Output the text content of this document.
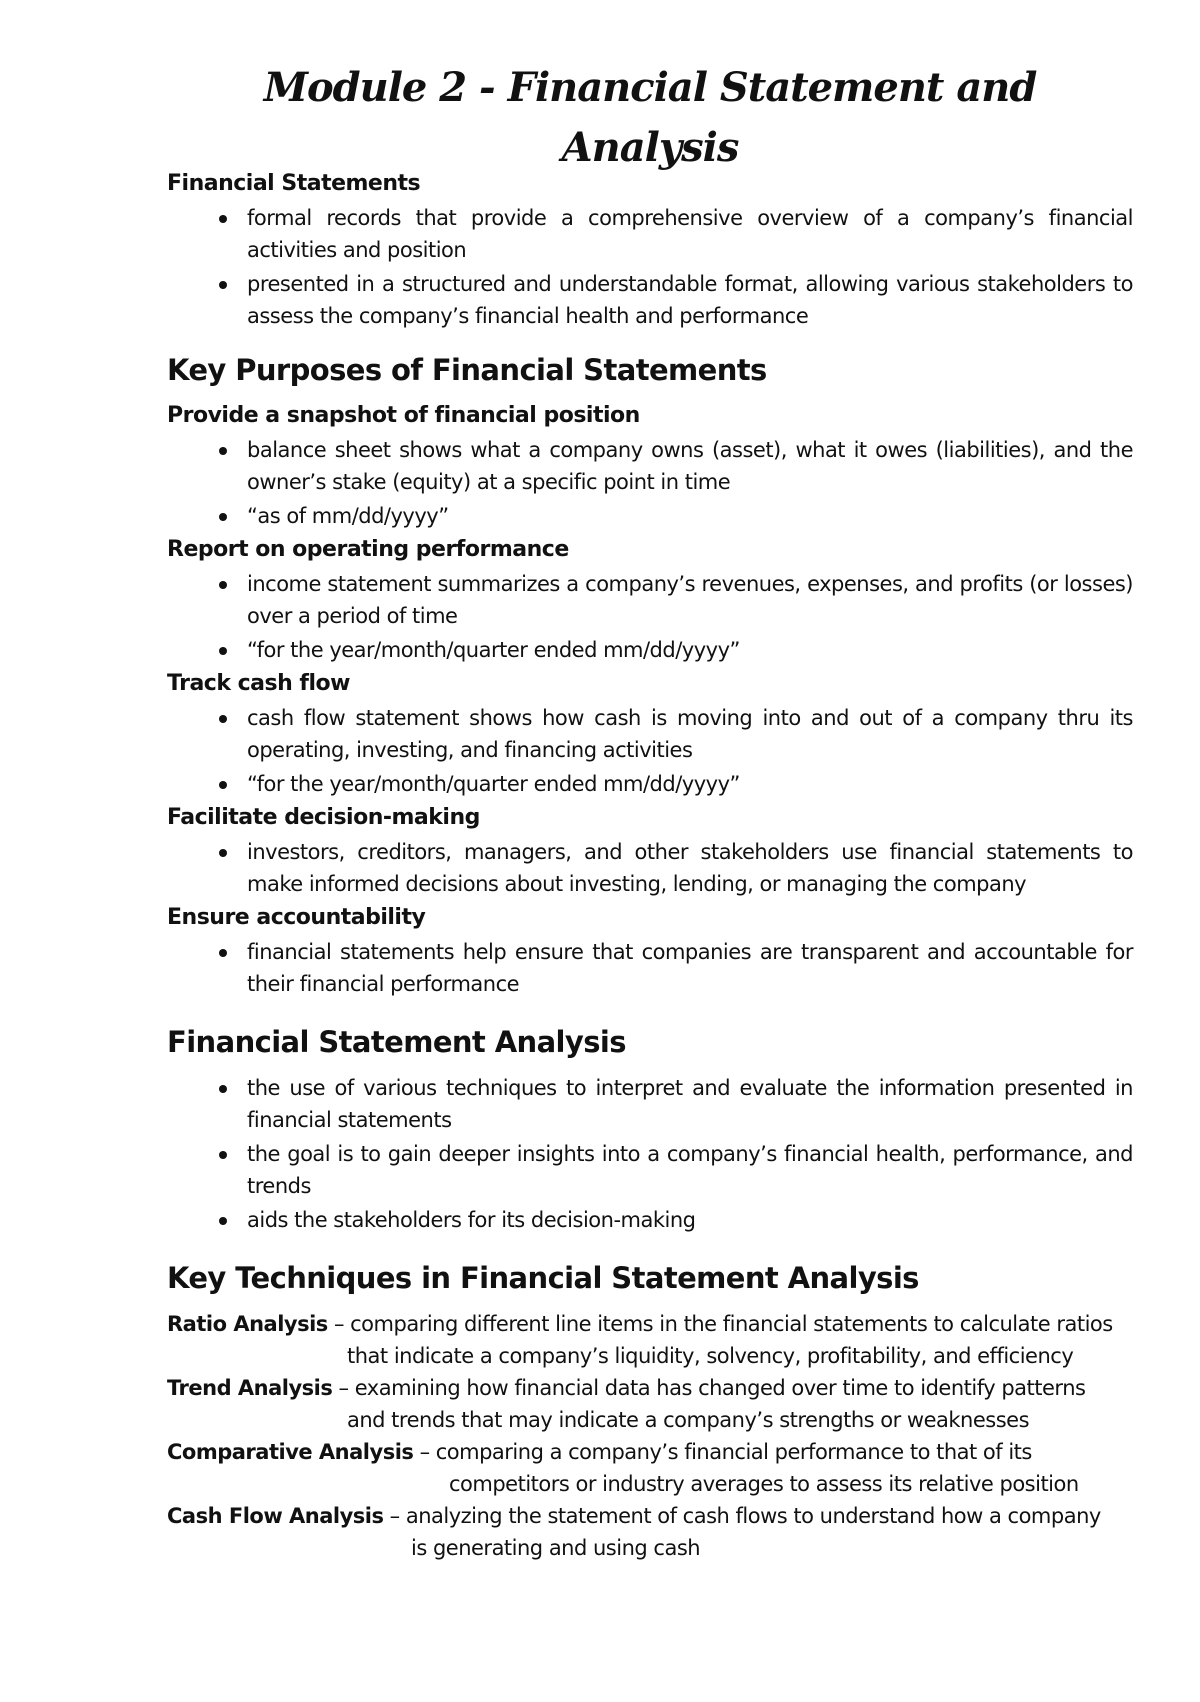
Module 2 - Financial Statement and Analysis

Financial Statements

formal records that provide a comprehensive overview of a company’s financial activities and position
presented in a structured and understandable format, allowing various stakeholders to assess the company’s financial health and performance
Key Purposes of Financial Statements

Provide a snapshot of financial position

balance sheet shows what a company owns (asset), what it owes (liabilities), and the owner’s stake (equity) at a specific point in time
“as of mm/dd/yyyy”

Report on operating performance

income statement summarizes a company’s revenues, expenses, and profits (or losses) over a period of time
“for the year/month/quarter ended mm/dd/yyyy”

Track cash flow

cash flow statement shows how cash is moving into and out of a company thru its operating, investing, and financing activities
“for the year/month/quarter ended mm/dd/yyyy”

Facilitate decision-making

investors, creditors, managers, and other stakeholders use financial statements to make informed decisions about investing, lending, or managing the company

Ensure accountability

financial statements help ensure that companies are transparent and accountable for their financial performance
Financial Statement Analysis
the use of various techniques to interpret and evaluate the information presented in financial statements
the goal is to gain deeper insights into a company’s financial health, performance, and trends
aids the stakeholders for its decision-making
Key Techniques in Financial Statement Analysis
Ratio Analysis – comparing different line items in the financial statements to calculate ratios
that indicate a company’s liquidity, solvency, profitability, and efficiency
Trend Analysis – examining how financial data has changed over time to identify patterns
and trends that may indicate a company’s strengths or weaknesses
Comparative Analysis – comparing a company’s financial performance to that of its
competitors or industry averages to assess its relative position
Cash Flow Analysis – analyzing the statement of cash flows to understand how a company
is generating and using cash
